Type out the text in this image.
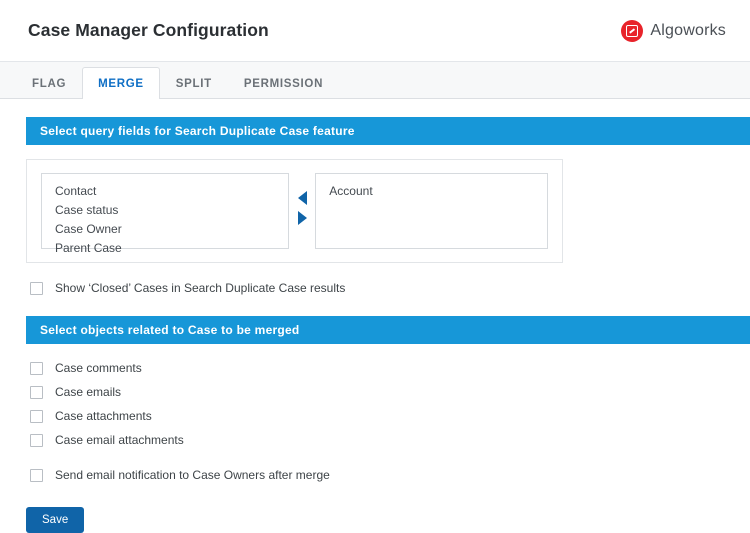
Case Manager Configuration	Algoworks
FLAG	MERGE	SPLIT	PERMISSION
Select query fields for Search Duplicate Case feature
Contact
Case status
Case Owner
Parent Case
Account
Show ‘Closed’ Cases in Search Duplicate Case results
Select objects related to Case to be merged
Case comments
Case emails
Case attachments
Case email attachments
Send email notification to Case Owners after merge
Save
